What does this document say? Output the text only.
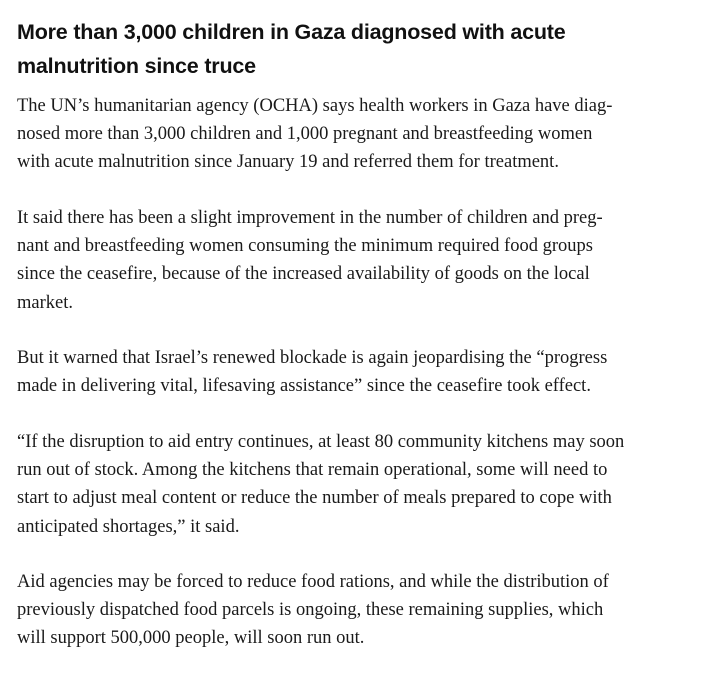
More than 3,000 children in Gaza diagnosed with acute
malnutrition since truce

The UN’s humanitarian agency (OCHA) says health workers in Gaza have diag-
nosed more than 3,000 children and 1,000 pregnant and breastfeeding women
with acute malnutrition since January 19 and referred them for treatment.

It said there has been a slight improvement in the number of children and preg-
nant and breastfeeding women consuming the minimum required food groups
since the ceasefire, because of the increased availability of goods on the local
market.

But it warned that Israel’s renewed blockade is again jeopardising the “progress
made in delivering vital, lifesaving assistance” since the ceasefire took effect.

“If the disruption to aid entry continues, at least 80 community kitchens may soon
run out of stock. Among the kitchens that remain operational, some will need to
start to adjust meal content or reduce the number of meals prepared to cope with
anticipated shortages,” it said.

Aid agencies may be forced to reduce food rations, and while the distribution of
previously dispatched food parcels is ongoing, these remaining supplies, which
will support 500,000 people, will soon run out.
